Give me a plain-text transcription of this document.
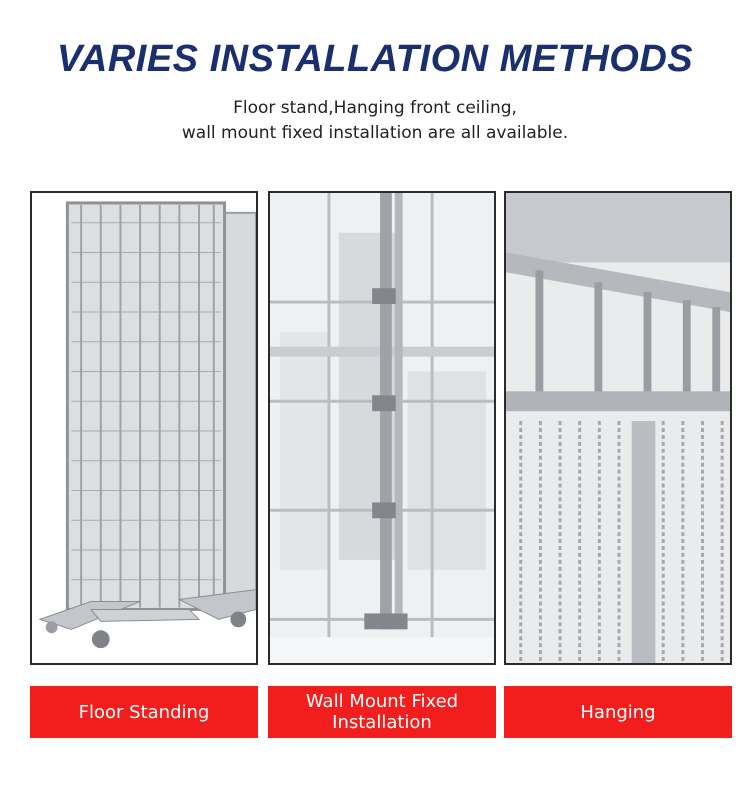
VARIES INSTALLATION METHODS
Floor stand,Hanging front ceiling,
wall mount fixed installation are all available.
Floor Standing	Wall Mount Fixed Installation	Hanging
